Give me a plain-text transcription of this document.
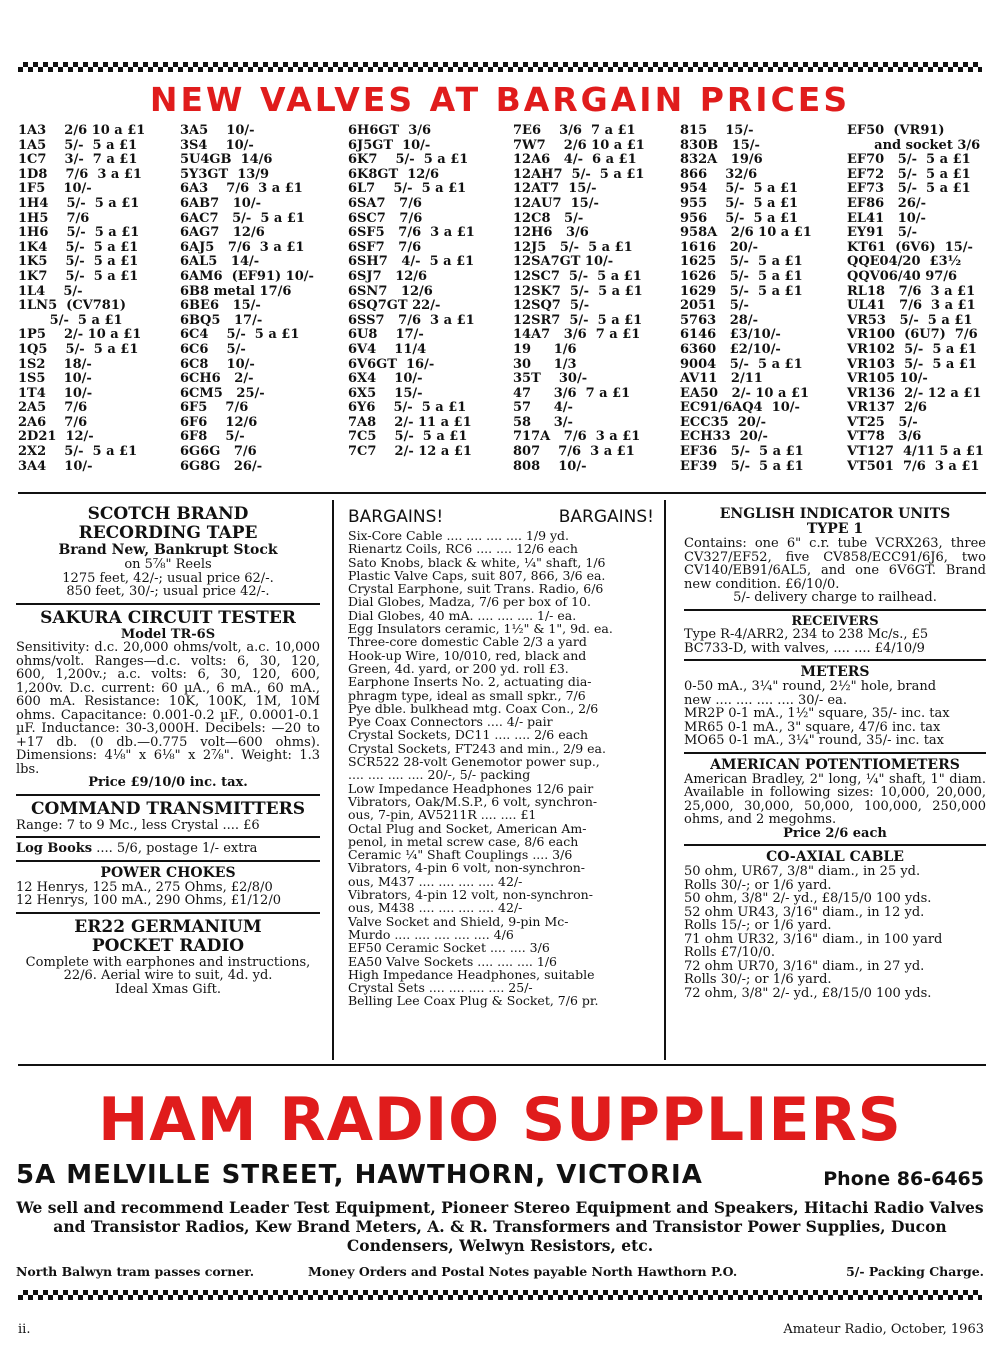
NEW VALVES AT BARGAIN PRICES
1A3    2/6 10 a £1
1A5    5/-  5 a £1
1C7    3/-  7 a £1
1D8    7/6  3 a £1
1F5    10/-
1H4    5/-  5 a £1
1H5    7/6
1H6    5/-  5 a £1
1K4    5/-  5 a £1
1K5    5/-  5 a £1
1K7    5/-  5 a £1
1L4    5/-
1LN5  (CV781)
5/-  5 a £1
1P5    2/- 10 a £1
1Q5    5/-  5 a £1
1S2    18/-
1S5    10/-
1T4    10/-
2A5    7/6
2A6    7/6
2D21  12/-
2X2    5/-  5 a £1
3A4    10/-
3A5    10/-
3S4    10/-
5U4GB  14/6
5Y3GT  13/9
6A3    7/6  3 a £1
6AB7   10/-
6AC7   5/-  5 a £1
6AG7   12/6
6AJ5   7/6  3 a £1
6AL5   14/-
6AM6  (EF91) 10/-
6B8 metal 17/6
6BE6   15/-
6BQ5   17/-
6C4    5/-  5 a £1
6C6    5/-
6C8    10/-
6CH6   2/-
6CM5   25/-
6F5    7/6
6F6    12/6
6F8    5/-
6G6G   7/6
6G8G   26/-
6H6GT  3/6
6J5GT  10/-
6K7    5/-  5 a £1
6K8GT  12/6
6L7    5/-  5 a £1
6SA7   7/6
6SC7   7/6
6SF5   7/6  3 a £1
6SF7   7/6
6SH7   4/-  5 a £1
6SJ7   12/6
6SN7   12/6
6SQ7GT 22/-
6SS7   7/6  3 a £1
6U8    17/-
6V4    11/4
6V6GT  16/-
6X4    10/-
6X5    15/-
6Y6    5/-  5 a £1
7A8    2/- 11 a £1
7C5    5/-  5 a £1
7C7    2/- 12 a £1
7E6    3/6  7 a £1
7W7    2/6 10 a £1
12A6   4/-  6 a £1
12AH7  5/-  5 a £1
12AT7  15/-
12AU7  15/-
12C8   5/-
12H6   3/6
12J5   5/-  5 a £1
12SA7GT 10/-
12SC7  5/-  5 a £1
12SK7  5/-  5 a £1
12SQ7  5/-
12SR7  5/-  5 a £1
14A7   3/6  7 a £1
19     1/6
30     1/3
35T    30/-
47     3/6  7 a £1
57     4/-
58     3/-
717A   7/6  3 a £1
807    7/6  3 a £1
808    10/-
815    15/-
830B   15/-
832A   19/6
866    32/6
954    5/-  5 a £1
955    5/-  5 a £1
956    5/-  5 a £1
958A   2/6 10 a £1
1616   20/-
1625   5/-  5 a £1
1626   5/-  5 a £1
1629   5/-  5 a £1
2051   5/-
5763   28/-
6146   £3/10/-
6360   £2/10/-
9004   5/-  5 a £1
AV11   2/11
EA50   2/- 10 a £1
EC91/6AQ4  10/-
ECC35  20/-
ECH33  20/-
EF36   5/-  5 a £1
EF39   5/-  5 a £1
EF50  (VR91)
and socket 3/6
EF70   5/-  5 a £1
EF72   5/-  5 a £1
EF73   5/-  5 a £1
EF86   26/-
EL41   10/-
EY91   5/-
KT61  (6V6)  15/-
QQE04/20  £3½
QQV06/40 97/6
RL18   7/6  3 a £1
UL41   7/6  3 a £1
VR53   5/-  5 a £1
VR100  (6U7)  7/6
VR102  5/-  5 a £1
VR103  5/-  5 a £1
VR105 10/-
VR136  2/- 12 a £1
VR137  2/6
VT25   5/-
VT78   3/6
VT127  4/11 5 a £1
VT501  7/6  3 a £1

SCOTCH BRAND

RECORDING TAPE

Brand New, Bankrupt Stock

on 5⅞" Reels

1275 feet, 42/-; usual price 62/-.

850 feet, 30/-; usual price 42/-.

SAKURA CIRCUIT TESTER

Model TR-6S

Sensitivity: d.c. 20,000 ohms/volt, a.c. 10,000 ohms/volt. Ranges—d.c. volts: 6, 30, 120, 600, 1,200v.; a.c. volts: 6, 30, 120, 600, 1,200v. D.c. current: 60 µA., 6 mA., 60 mA., 600 mA. Resistance: 10K, 100K, 1M, 10M ohms. Capacitance: 0.001-0.2 µF., 0.0001-0.1 µF. Inductance: 30-3,000H. Decibels: —20 to +17 db. (0 db.—0.775 volt—600 ohms). Dimensions: 4⅛" x 6⅛" x 2⅞". Weight: 1.3 lbs.

Price £9/10/0 inc. tax.

COMMAND TRANSMITTERS

Range: 7 to 9 Mc., less Crystal .... £6

Log Books .... 5/6, postage 1/- extra

POWER CHOKES

12 Henrys, 125 mA., 275 Ohms, £2/8/0

12 Henrys, 100 mA., 290 Ohms, £1/12/0

ER22 GERMANIUM

POCKET RADIO

Complete with earphones and instructions, 22/6. Aerial wire to suit, 4d. yd.

Ideal Xmas Gift.

BARGAINS!	BARGAINS!

Six-Core Cable .... .... .... .... 1/9 yd.

Rienartz Coils, RC6 .... .... 12/6 each

Sato Knobs, black & white, ¼" shaft, 1/6

Plastic Valve Caps, suit 807, 866, 3/6 ea.

Crystal Earphone, suit Trans. Radio, 6/6

Dial Globes, Madza, 7/6 per box of 10.

Dial Globes, 40 mA. .... .... .... 1/- ea.

Egg Insulators ceramic, 1½" & 1", 9d. ea.

Three-core domestic Cable 2/3 a yard

Hook-up Wire, 10/010, red, black and

Green, 4d. yard, or 200 yd. roll £3.

Earphone Inserts No. 2, actuating dia-

phragm type, ideal as small spkr., 7/6

Pye dble. bulkhead mtg. Coax Con., 2/6

Pye Coax Connectors .... 4/- pair

Crystal Sockets, DC11 .... .... 2/6 each

Crystal Sockets, FT243 and min., 2/9 ea.

SCR522 28-volt Genemotor power sup.,

.... .... .... .... 20/-, 5/- packing

Low Impedance Headphones 12/6 pair

Vibrators, Oak/M.S.P., 6 volt, synchron-

ous, 7-pin, AV5211R .... .... £1

Octal Plug and Socket, American Am-

penol, in metal screw case, 8/6 each

Ceramic ¼" Shaft Couplings .... 3/6

Vibrators, 4-pin 6 volt, non-synchron-

ous, M437 .... .... .... .... 42/-

Vibrators, 4-pin 12 volt, non-synchron-

ous, M438 .... .... .... .... 42/-

Valve Socket and Shield, 9-pin Mc-

Murdo .... .... .... .... .... 4/6

EF50 Ceramic Socket .... .... 3/6

EA50 Valve Sockets .... .... .... 1/6

High Impedance Headphones, suitable

Crystal Sets .... .... .... .... 25/-

Belling Lee Coax Plug & Socket, 7/6 pr.

ENGLISH INDICATOR UNITS

TYPE 1

Contains: one 6" c.r. tube VCRX263, three CV327/EF52, five CV858/ECC91/6J6, two CV140/EB91/6AL5, and one 6V6GT. Brand new condition. £6/10/0.

5/- delivery charge to railhead.

RECEIVERS

Type R-4/ARR2, 234 to 238 Mc/s., £5

BC733-D, with valves, .... .... £4/10/9

METERS

0-50 mA., 3¼" round, 2½" hole, brand

new .... .... .... .... 30/- ea.

MR2P 0-1 mA., 1½" square, 35/- inc. tax

MR65 0-1 mA., 3" square, 47/6 inc. tax

MO65 0-1 mA., 3¼" round, 35/- inc. tax

AMERICAN POTENTIOMETERS

American Bradley, 2" long, ¼" shaft, 1" diam. Available in following sizes: 10,000, 20,000, 25,000, 30,000, 50,000, 100,000, 250,000 ohms, and 2 megohms.

Price 2/6 each

CO-AXIAL CABLE

50 ohm, UR67, 3/8" diam., in 25 yd.

Rolls 30/-; or 1/6 yard.

50 ohm, 3/8" 2/- yd., £8/15/0 100 yds.

52 ohm UR43, 3/16" diam., in 12 yd.

Rolls 15/-; or 1/6 yard.

71 ohm UR32, 3/16" diam., in 100 yard

Rolls £7/10/0.

72 ohm UR70, 3/16" diam., in 27 yd.

Rolls 30/-; or 1/6 yard.

72 ohm, 3/8" 2/- yd., £8/15/0 100 yds.

HAM RADIO SUPPLIERS
5A MELVILLE STREET, HAWTHORN, VICTORIA	Phone 86-6465
We sell and recommend Leader Test Equipment, Pioneer Stereo Equipment and Speakers, Hitachi Radio Valves and Transistor Radios, Kew Brand Meters, A. & R. Transformers and Transistor Power Supplies, Ducon Condensers, Welwyn Resistors, etc.
North Balwyn tram passes corner.	Money Orders and Postal Notes payable North Hawthorn P.O.	5/- Packing Charge.
ii.	Amateur Radio, October, 1963
